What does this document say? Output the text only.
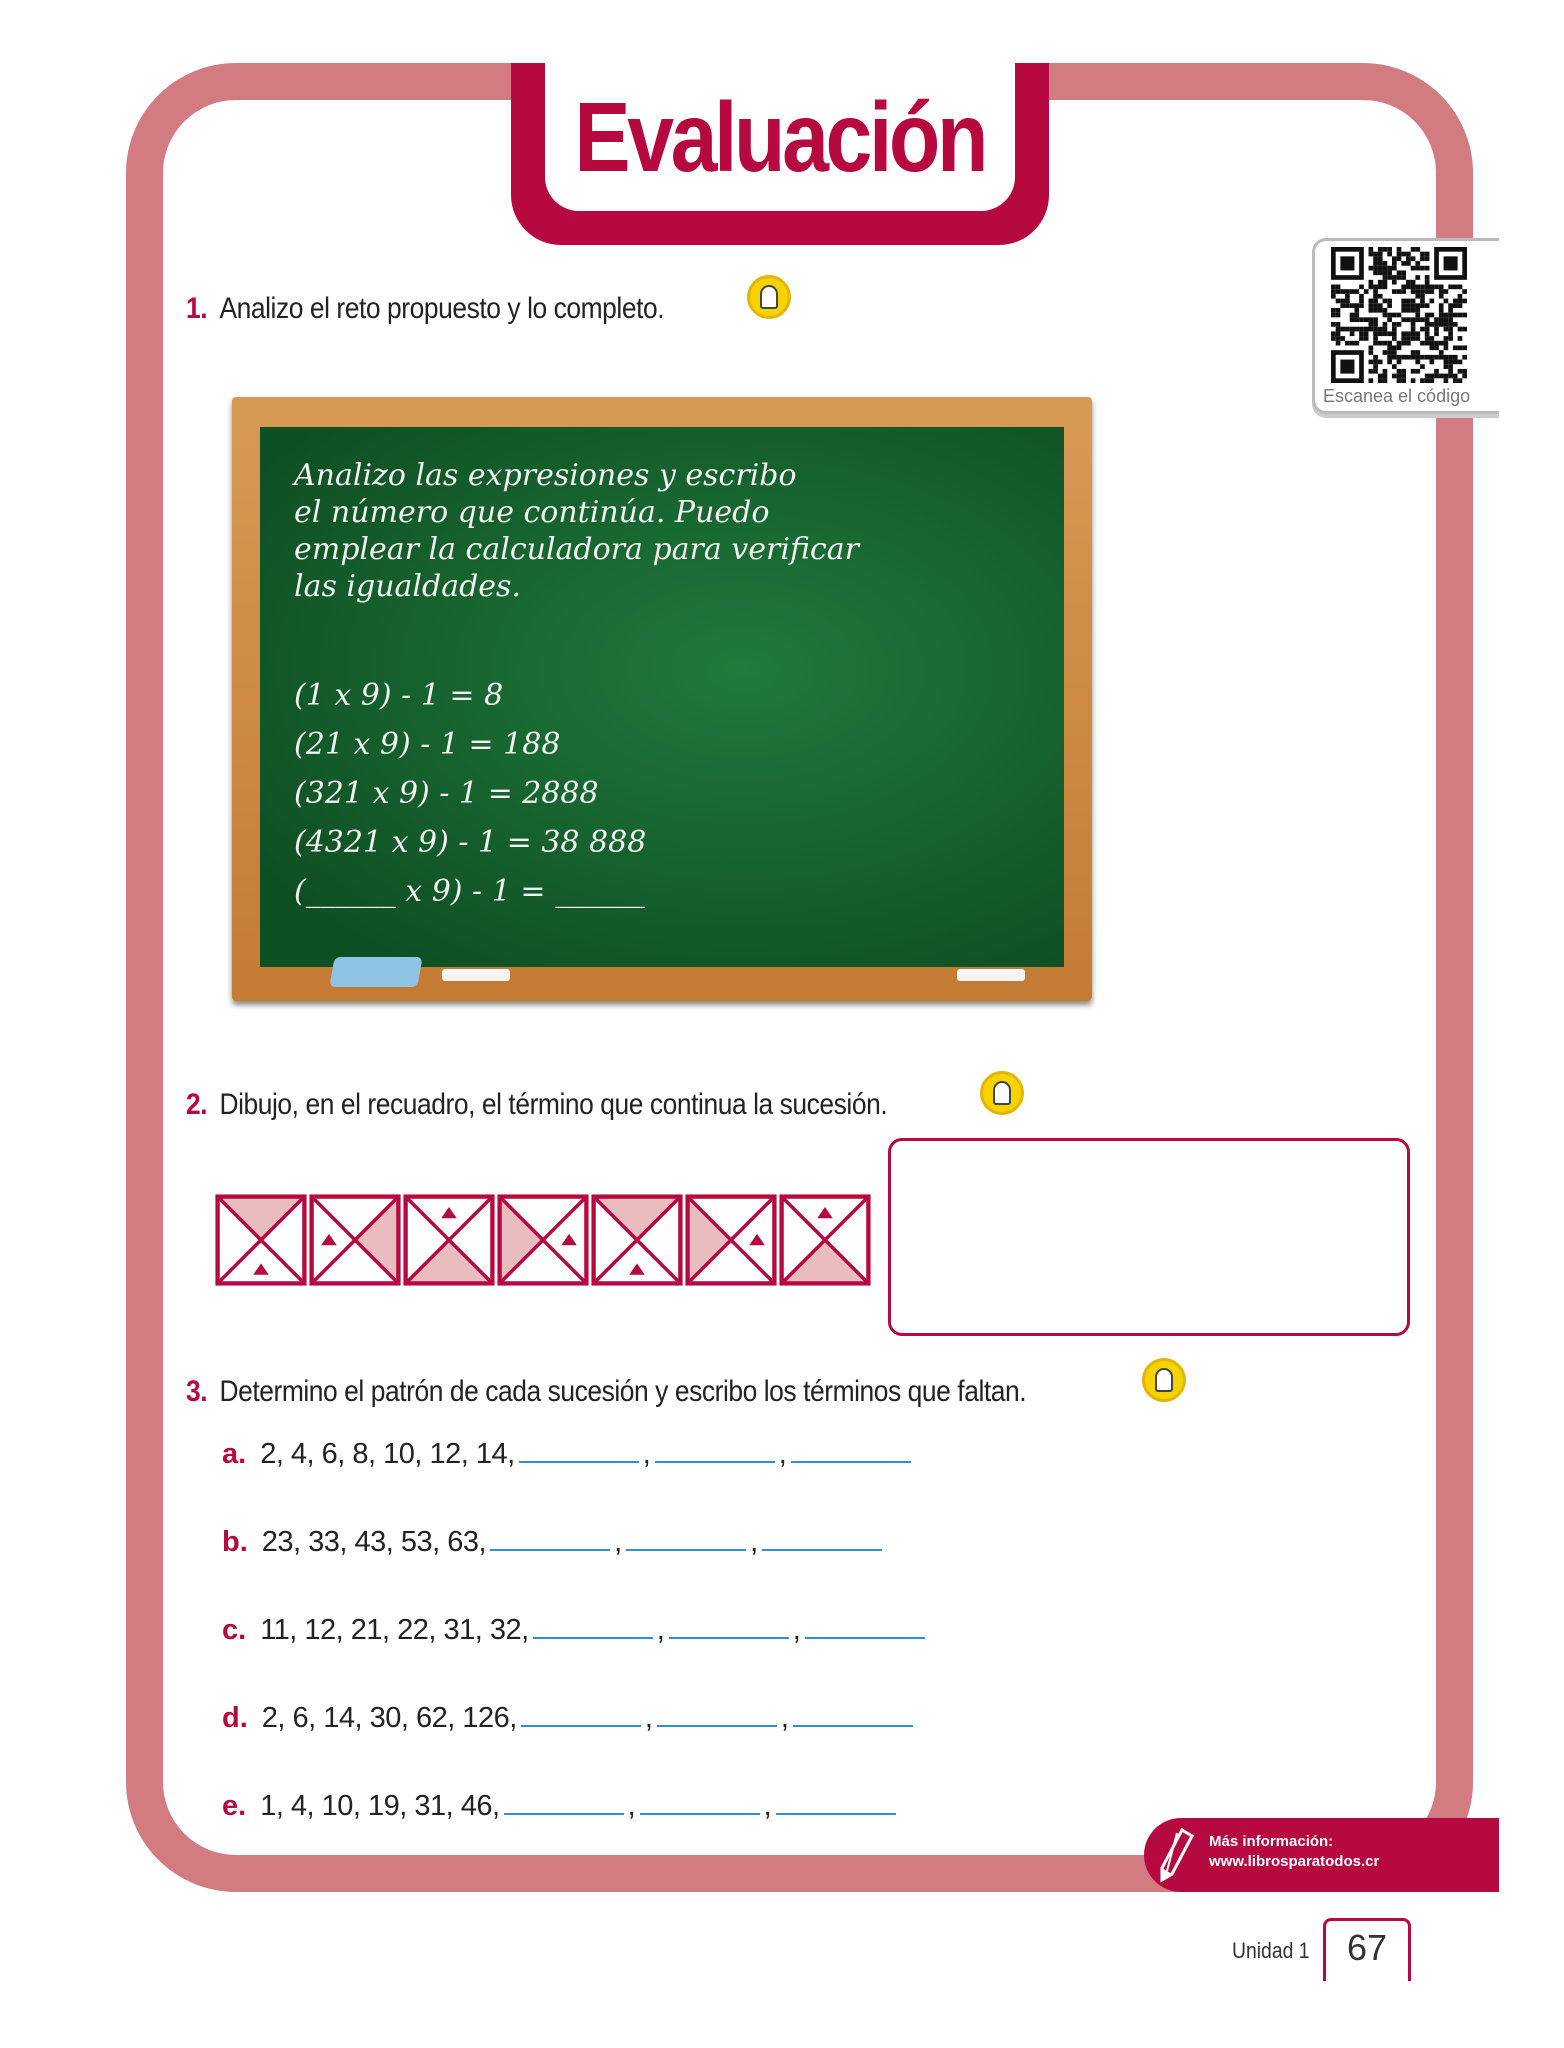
Evaluación
Escanea el código
1. Analizo el reto propuesto y lo completo.
Analizo las expresiones y escribo
el número que continúa. Puedo
emplear la calculadora para verificar
las igualdades.
(1 x 9) - 1 = 8
(21 x 9) - 1 = 188
(321 x 9) - 1 = 2888
(4321 x 9) - 1 = 38 888
(______ x 9) - 1 = ______
2. Dibujo, en el recuadro, el término que continua la sucesión.
3. Determino el patrón de cada sucesión y escribo los términos que faltan.
a. 2, 4, 6, 8, 10, 12, 14,	,	,
b. 23, 33, 43, 53, 63,	,	,
c. 11, 12, 21, 22, 31, 32,	,	,
d. 2, 6, 14, 30, 62, 126,	,	,
e. 1, 4, 10, 19, 31, 46,	,	,
Más información:
www.librosparatodos.cr
Unidad 1 67
